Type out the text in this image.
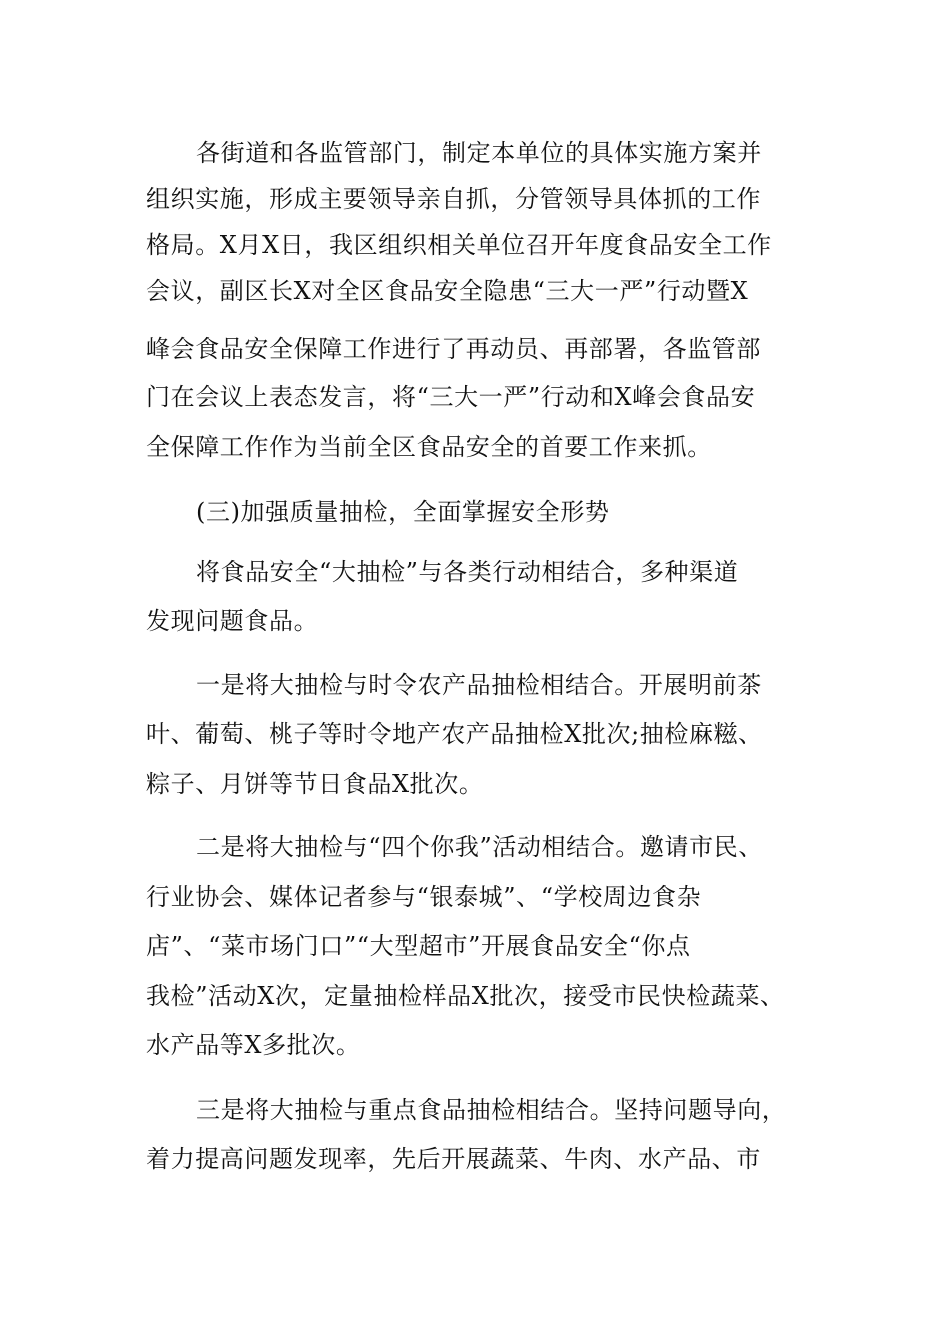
各街道和各监管部门，制定本单位的具体实施方案并
组织实施，形成主要领导亲自抓，分管领导具体抓的工作
格局。X月X日，我区组织相关单位召开年度食品安全工作
会议，副区长X对全区食品安全隐患“三大一严”行动暨X
峰会食品安全保障工作进行了再动员、再部署，各监管部
门在会议上表态发言，将“三大一严”行动和X峰会食品安
全保障工作作为当前全区食品安全的首要工作来抓。
(三)加强质量抽检，全面掌握安全形势
将食品安全“大抽检”与各类行动相结合，多种渠道
发现问题食品。
一是将大抽检与时令农产品抽检相结合。开展明前茶
叶、葡萄、桃子等时令地产农产品抽检X批次;抽检麻糍、
粽子、月饼等节日食品X批次。
二是将大抽检与“四个你我”活动相结合。邀请市民、
行业协会、媒体记者参与“银泰城”、“学校周边食杂
店”、“菜市场门口”“大型超市”开展食品安全“你点
我检”活动X次，定量抽检样品X批次，接受市民快检蔬菜、
水产品等X多批次。
三是将大抽检与重点食品抽检相结合。坚持问题导向，
着力提高问题发现率，先后开展蔬菜、牛肉、水产品、市
